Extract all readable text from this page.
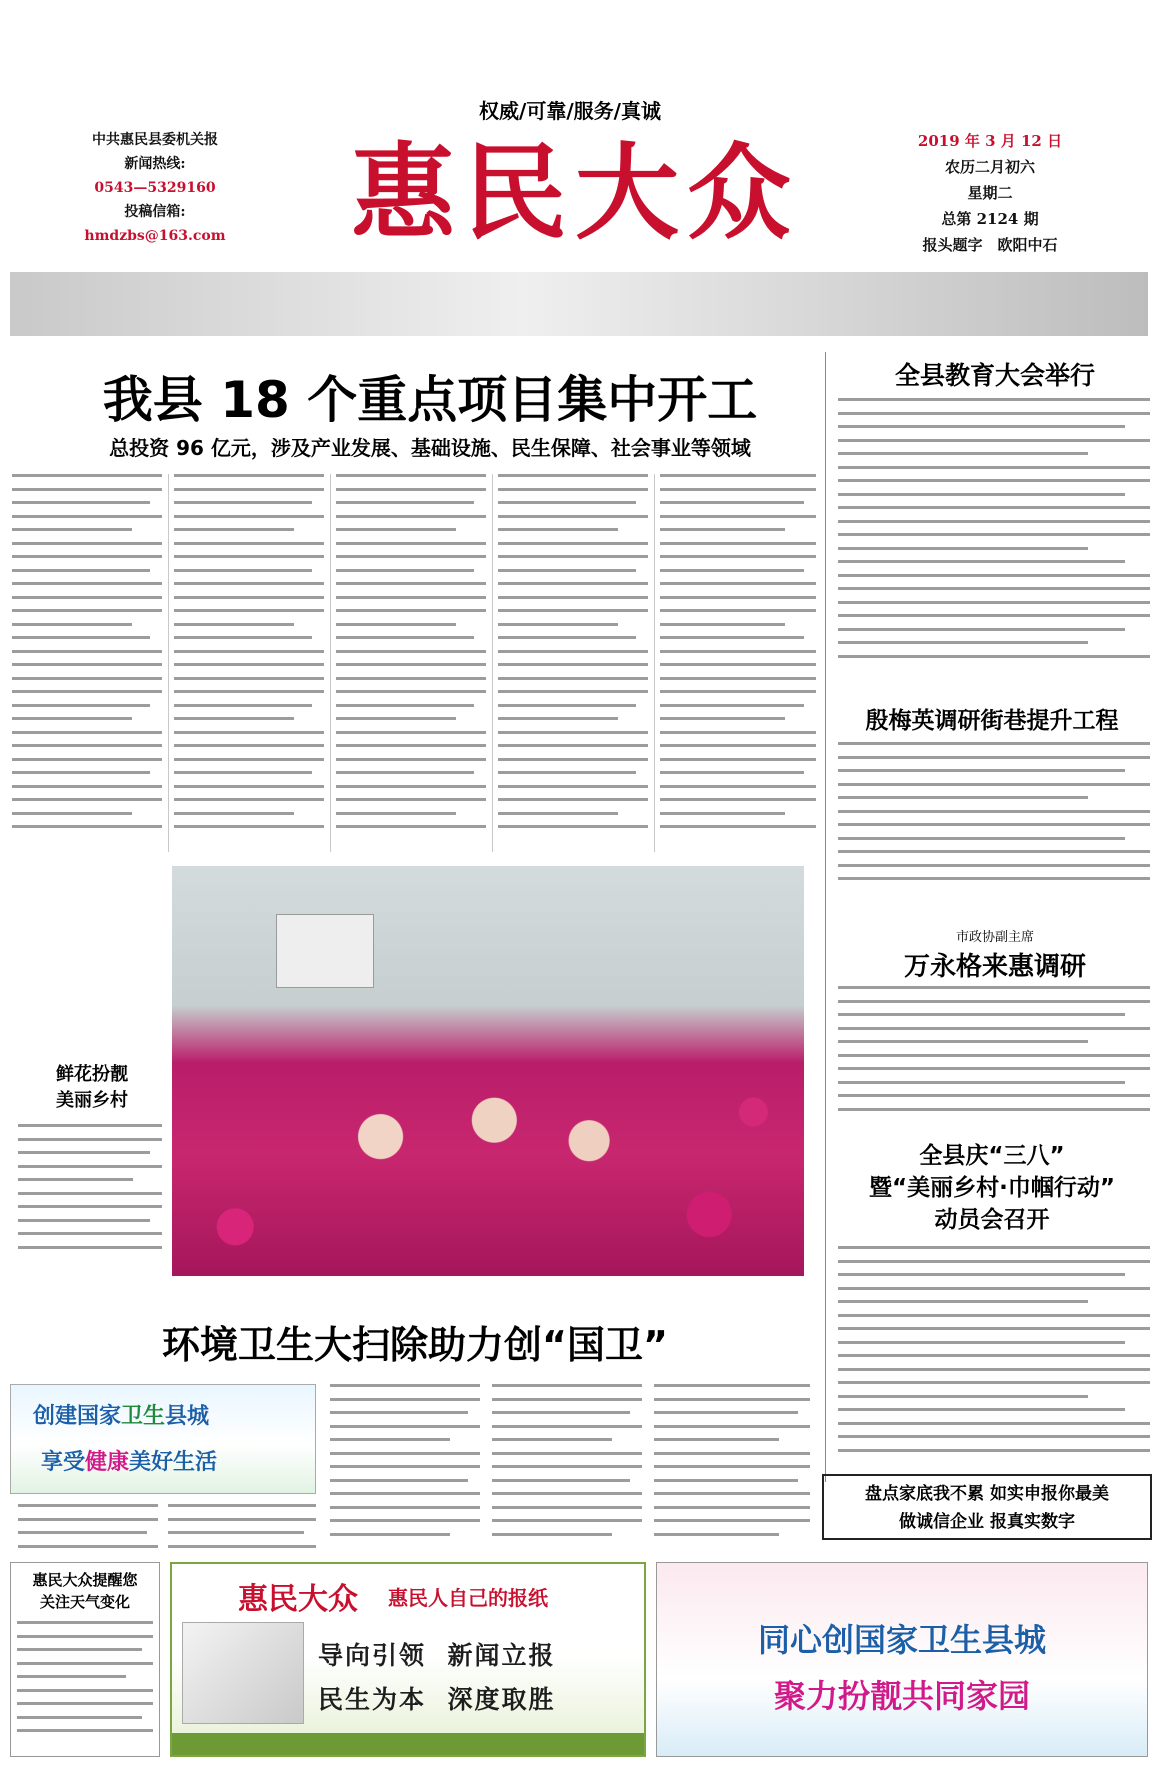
权威/可靠/服务/真诚
中共惠民县委机关报
新闻热线:
0543—5329160
投稿信箱:
hmdzbs@163.com 惠民大众	2019 年 3 月 12 日
农历二月初六
星期二
总第 2124 期
报头题字　欧阳中石
我县 18 个重点项目集中开工
总投资 96 亿元，涉及产业发展、基础设施、民生保障、社会事业等领域
全县教育大会举行
殷梅英调研街巷提升工程
市政协副主席
万永格来惠调研
全县庆“三八”
暨“美丽乡村·巾帼行动”
动员会召开
盘点家底我不累 如实申报你最美
做诚信企业 报真实数字
鲜花扮靓
美丽乡村
环境卫生大扫除助力创“国卫”
创建国家卫生县城
享受健康美好生活
惠民大众提醒您
关注天气变化	惠民大众 惠民人自己的报纸
导向引领 新闻立报
民生为本 深度取胜
同心创国家卫生县城
聚力扮靓共同家园
